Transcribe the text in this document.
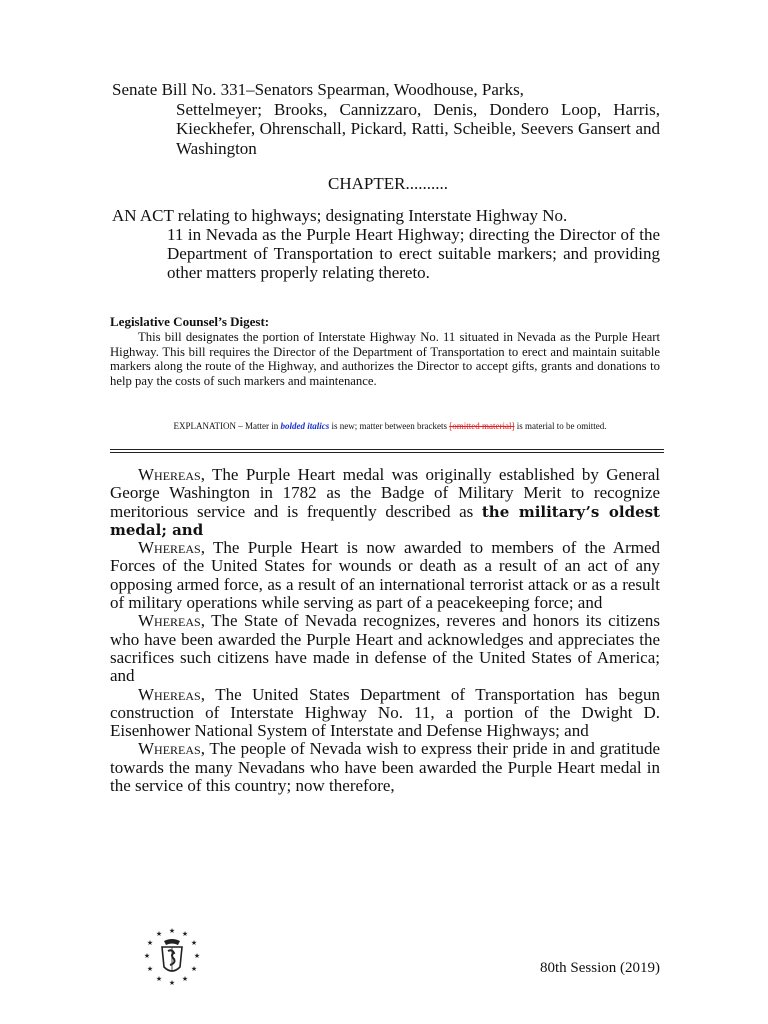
Senate Bill No. 331–Senators Spearman, Woodhouse, Parks,
Settelmeyer; Brooks, Cannizzaro, Denis, Dondero Loop, Harris, Kieckhefer, Ohrenschall, Pickard, Ratti, Scheible, Seevers Gansert and Washington
CHAPTER..........
AN ACT relating to highways; designating Interstate Highway No.
11 in Nevada as the Purple Heart Highway; directing the Director of the Department of Transportation to erect suitable markers; and providing other matters properly relating thereto.
Legislative Counsel’s Digest:
This bill designates the portion of Interstate Highway No. 11 situated in Nevada as the Purple Heart Highway. This bill requires the Director of the Department of Transportation to erect and maintain suitable markers along the route of the Highway, and authorizes the Director to accept gifts, grants and donations to help pay the costs of such markers and maintenance.
EXPLANATION – Matter in bolded italics is new; matter between brackets [omitted material] is material to be omitted.

Whereas, The Purple Heart medal was originally established by General George Washington in 1782 as the Badge of Military Merit to recognize meritorious service and is frequently described as the military’s oldest medal; and

Whereas, The Purple Heart is now awarded to members of the Armed Forces of the United States for wounds or death as a result of an act of any opposing armed force, as a result of an international terrorist attack or as a result of military operations while serving as part of a peacekeeping force; and

Whereas, The State of Nevada recognizes, reveres and honors its citizens who have been awarded the Purple Heart and acknowledges and appreciates the sacrifices such citizens have made in defense of the United States of America; and

Whereas, The United States Department of Transportation has begun construction of Interstate Highway No. 11, a portion of the Dwight D. Eisenhower National System of Interstate and Defense Highways; and

Whereas, The people of Nevada wish to express their pride in and gratitude towards the many Nevadans who have been awarded the Purple Heart medal in the service of this country; now therefore,

★ ★
★
★
★
★
★
★
★
★
★
★
80th Session (2019)
